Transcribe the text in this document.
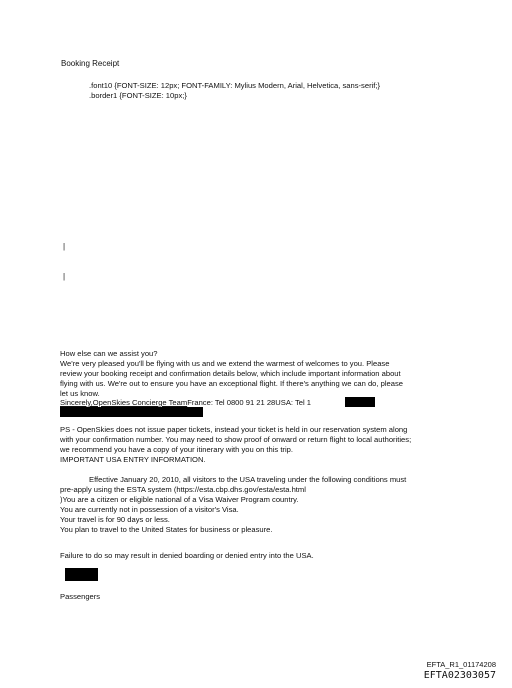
Booking Receipt
.font10 {FONT-SIZE: 12px; FONT-FAMILY: Mylius Modern, Arial, Helvetica, sans-serif;}
.border1 {FONT-SIZE: 10px;}
|
|
How else can we assist you?
We're very pleased you'll be flying with us and we extend the warmest of welcomes to you. Please
review your booking receipt and confirmation details below, which include important information about
flying with us. We're out to ensure you have an exceptional flight. If there's anything we can do, please
let us know.
Sincerely,OpenSkies Concierge TeamFrance: Tel 0800 91 21 28USA: Tel 1
PS - OpenSkies does not issue paper tickets, instead your ticket is held in our reservation system along
with your confirmation number. You may need to show proof of onward or return flight to local authorities;
we recommend you have a copy of your itinerary with you on this trip.
IMPORTANT USA ENTRY INFORMATION.
Effective January 20, 2010, all visitors to the USA traveling under the following conditions must
pre-apply using the ESTA system (https://esta.cbp.dhs.gov/esta/esta.html
)You are a citizen or eligible national of a Visa Waiver Program country.
You are currently not in possession of a visitor's Visa.
Your travel is for 90 days or less.
You plan to travel to the United States for business or pleasure.
Failure to do so may result in denied boarding or denied entry into the USA.
Passengers
EFTA_R1_01174208
EFTA02303057
